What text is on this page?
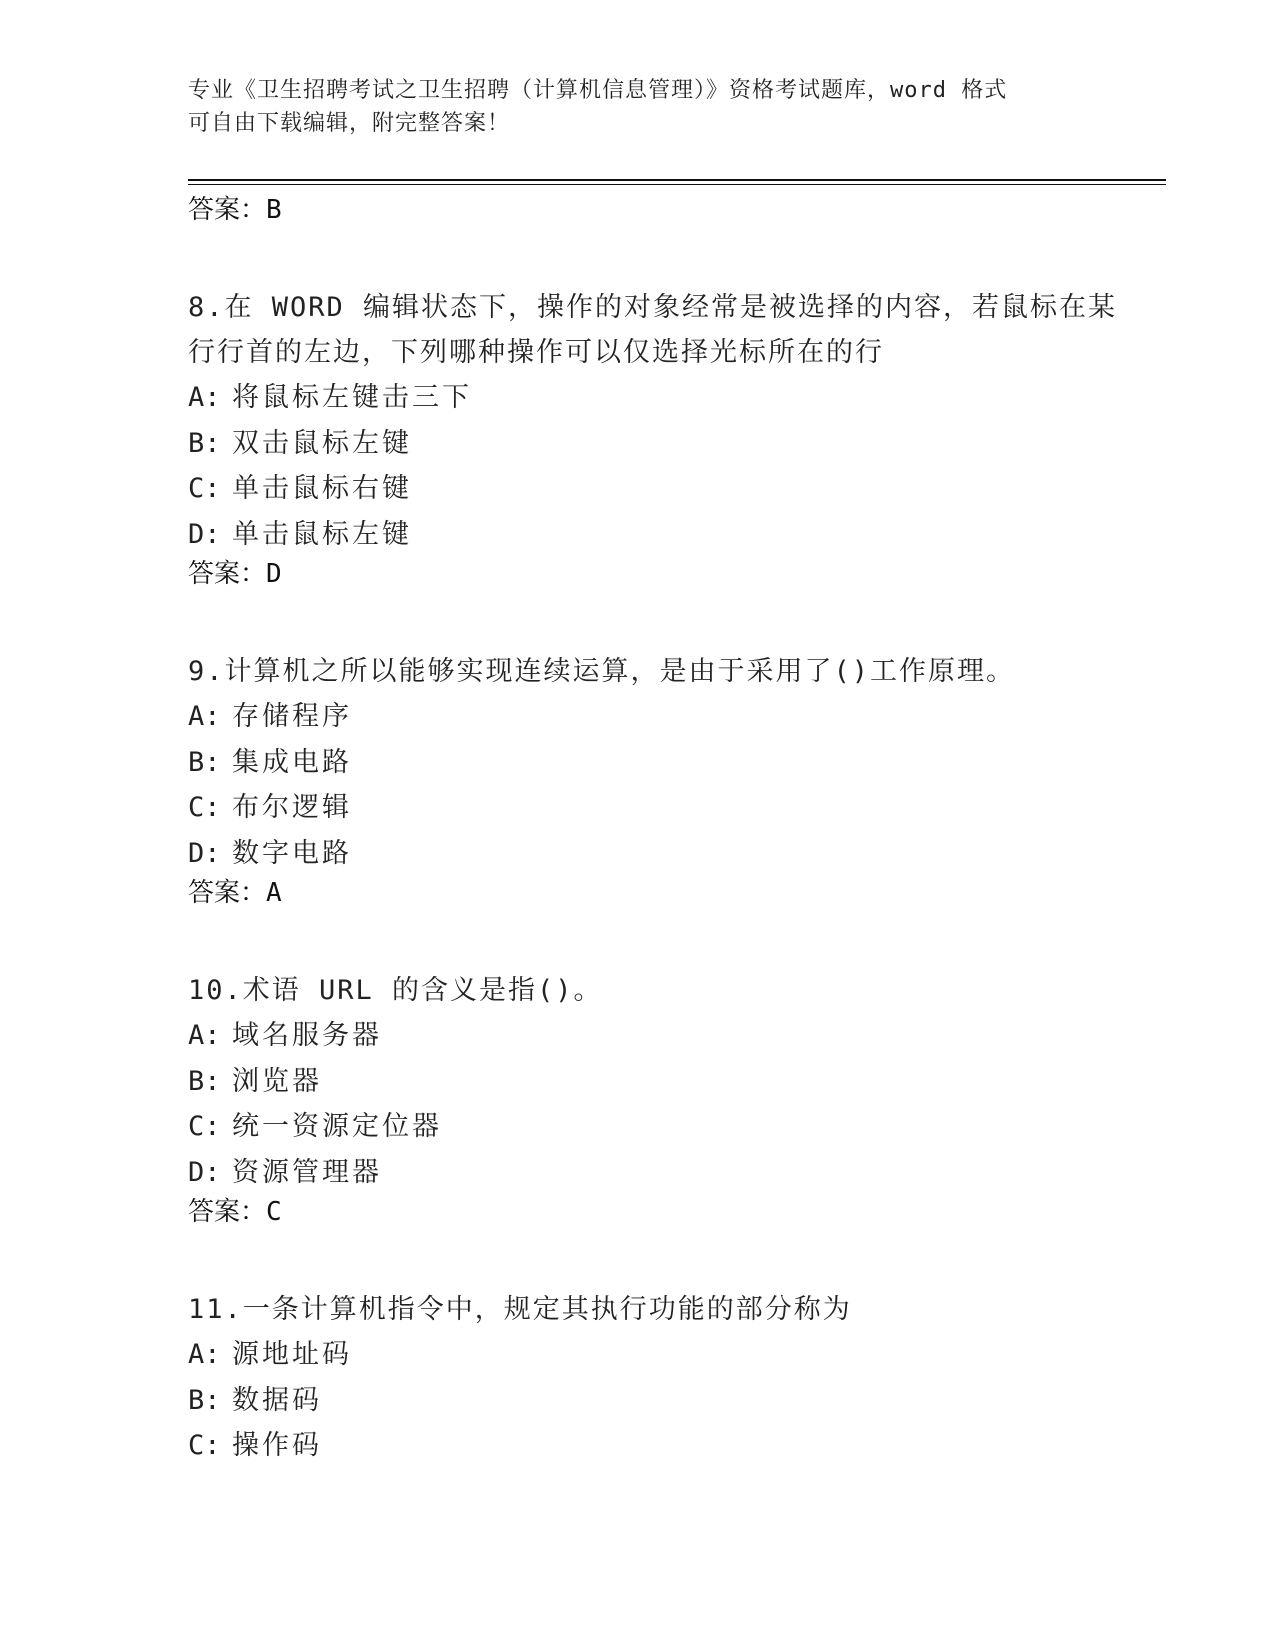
专业《卫生招聘考试之卫生招聘（计算机信息管理）》资格考试题库，word 格式
可自由下载编辑，附完整答案！
答案：B
8.在 WORD 编辑状态下，操作的对象经常是被选择的内容，若鼠标在某行行首的左边，下列哪种操作可以仅选择光标所在的行
A: 将鼠标左键击三下
B: 双击鼠标左键
C: 单击鼠标右键
D: 单击鼠标左键
答案：D
9.计算机之所以能够实现连续运算，是由于采用了()工作原理。
A: 存储程序
B: 集成电路
C: 布尔逻辑
D: 数字电路
答案：A
10.术语 URL 的含义是指()。
A: 域名服务器
B: 浏览器
C: 统一资源定位器
D: 资源管理器
答案：C
11.一条计算机指令中，规定其执行功能的部分称为
A: 源地址码
B: 数据码
C: 操作码
